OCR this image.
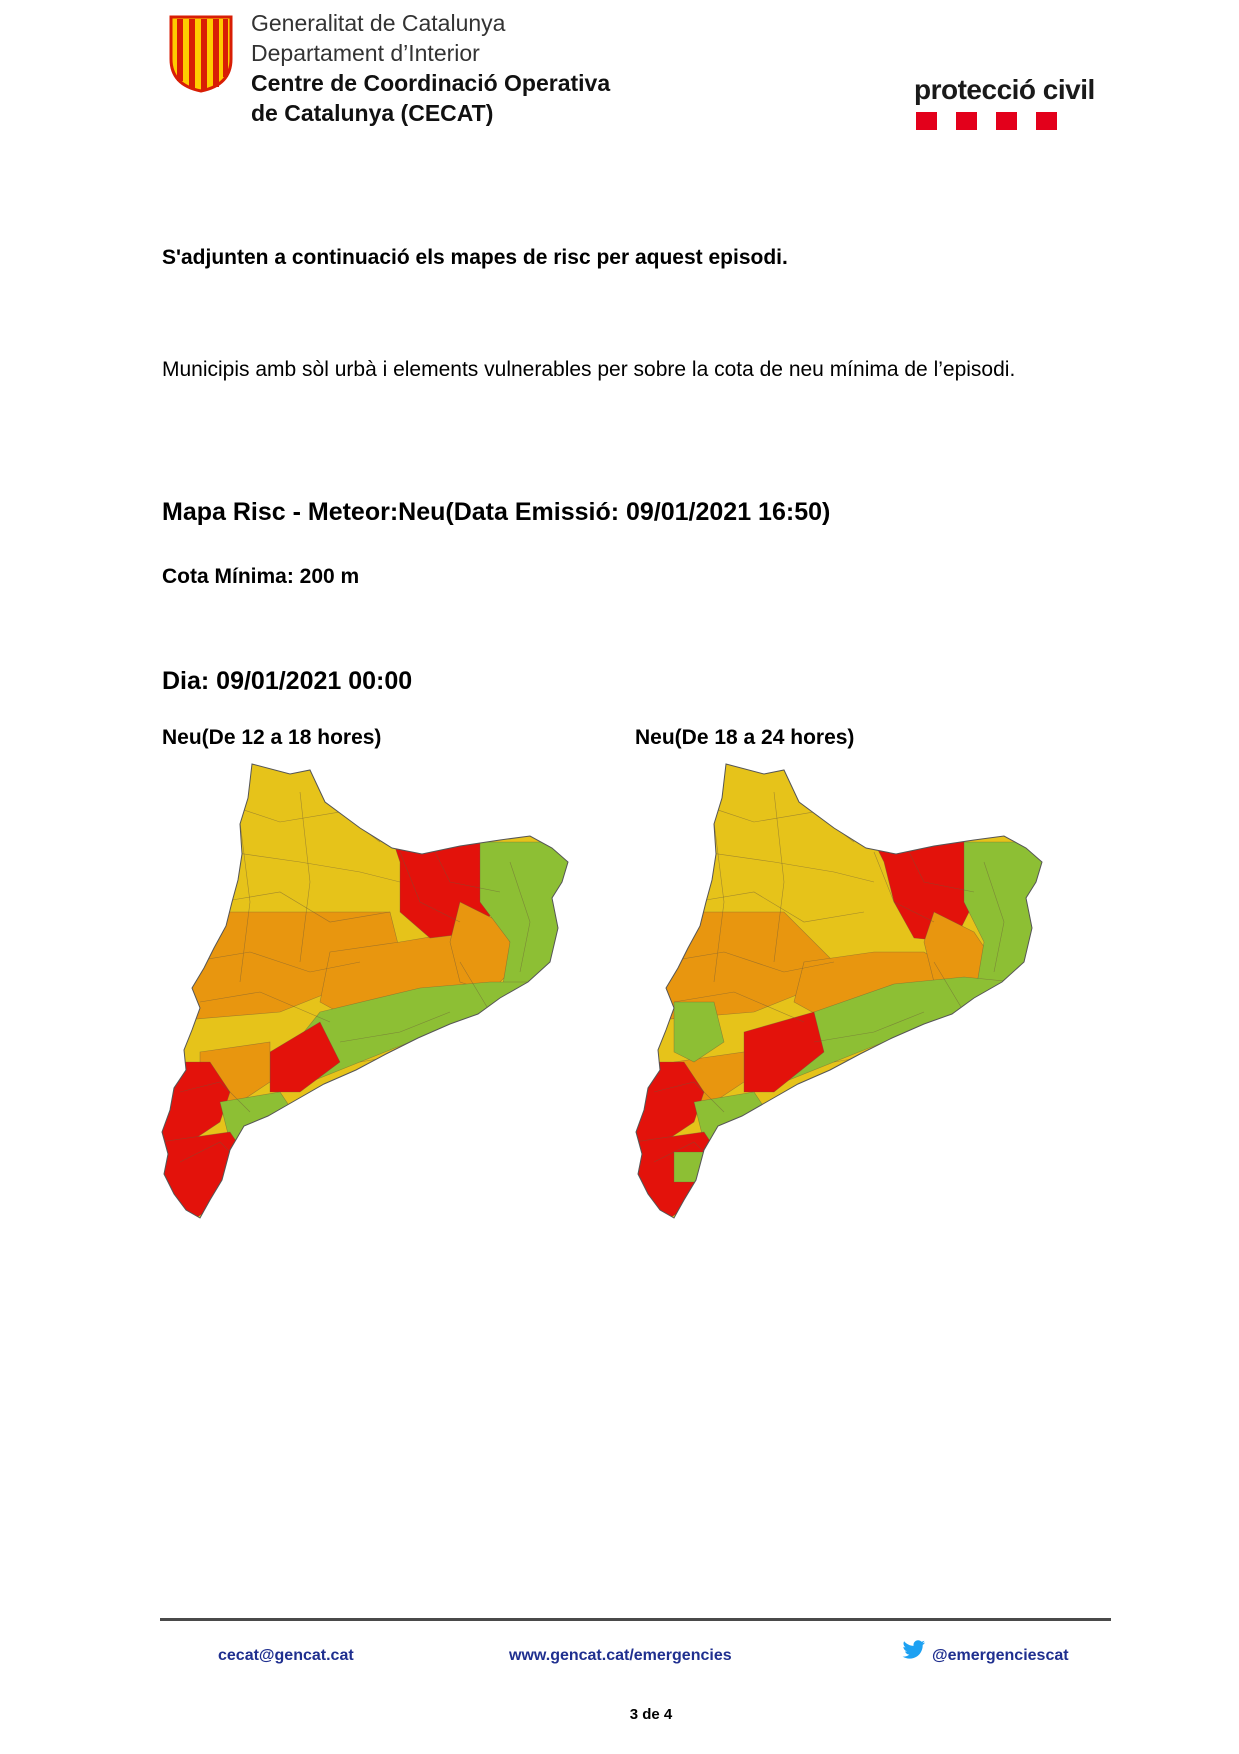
Generalitat de Catalunya
Departament d’Interior
Centre de Coordinació Operativa
de Catalunya (CECAT)
protecció civil
S'adjunten a continuació els mapes de risc per aquest episodi.
Municipis amb sòl urbà i elements vulnerables per sobre la cota de neu mínima de l’episodi.
Mapa Risc - Meteor:Neu(Data Emissió: 09/01/2021 16:50)
Cota Mínima: 200 m
Dia: 09/01/2021 00:00
Neu(De 12 a 18 hores)	Neu(De 18 a 24 hores)
cecat@gencat.cat	www.gencat.cat/emergencies	@emergenciescat
3 de 4
